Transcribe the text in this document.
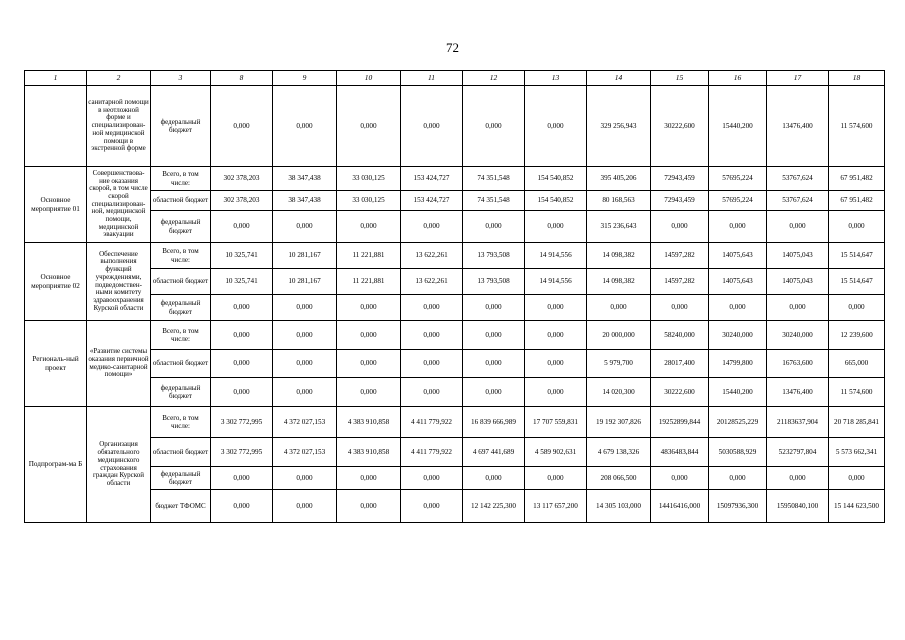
72
1	2	3	8	9	10	11	12	13	14	15	16	17	18
	санитарной помощи в неотложной форме и специализирован-ной медицинской помощи в экстренной форме	федеральный бюджет	0,000	0,000	0,000	0,000	0,000	0,000	329 256,943	30222,600	15440,200	13476,400	11 574,600
Основное мероприятие 01	Совершенствова-ние оказания скорой, в том числе скорой специализирован-ной, медицинской помощи, медицинской эвакуации	Всего, в том числе:	302 378,203	38 347,438	33 030,125	153 424,727	74 351,548	154 540,852	395 405,206	72943,459	57695,224	53767,624	67 951,482
		областной бюджет	302 378,203	38 347,438	33 030,125	153 424,727	74 351,548	154 540,852	80 168,563	72943,459	57695,224	53767,624	67 951,482
		федеральный бюджет	0,000	0,000	0,000	0,000	0,000	0,000	315 236,643	0,000	0,000	0,000	0,000
Основное мероприятие 02	Обеспечение выполнения функций учреждениями, подведомствен-ными комитету здравоохранения Курской области	Всего, в том числе:	10 325,741	10 281,167	11 221,881	13 622,261	13 793,508	14 914,556	14 098,382	14597,282	14075,643	14075,043	15 514,647
		областной бюджет	10 325,741	10 281,167	11 221,881	13 622,261	13 793,508	14 914,556	14 098,382	14597,282	14075,643	14075,043	15 514,647
		федеральный бюджет	0,000	0,000	0,000	0,000	0,000	0,000	0,000	0,000	0,000	0,000	0,000
Региональ-ный проект	«Развитие системы оказания первичной медико-санитарной помощи»	Всего, в том числе:	0,000	0,000	0,000	0,000	0,000	0,000	20 000,000	58240,000	30240,000	30240,000	12 239,600
		областной бюджет	0,000	0,000	0,000	0,000	0,000	0,000	5 979,700	28017,400	14799,800	16763,600	665,000
		федеральный бюджет	0,000	0,000	0,000	0,000	0,000	0,000	14 020,300	30222,600	15440,200	13476,400	11 574,600
Подпрограм-ма Б	Организация обязательного медицинского страхования граждан Курской области	Всего, в том числе:	3 302 772,995	4 372 027,153	4 383 910,858	4 411 779,922	16 839 666,989	17 707 559,831	19 192 307,826	19252899,844	20128525,229	21183637,904	20 718 285,841
		областной бюджет	3 302 772,995	4 372 027,153	4 383 910,858	4 411 779,922	4 697 441,689	4 589 902,631	4 679 138,326	4836483,844	5030588,929	5232797,804	5 573 662,341
		федеральный бюджет	0,000	0,000	0,000	0,000	0,000	0,000	208 066,500	0,000	0,000	0,000	0,000
		бюджет ТФОМС	0,000	0,000	0,000	0,000	12 142 225,300	13 117 657,200	14 305 103,000	14416416,000	15097936,300	15950840,100	15 144 623,500
